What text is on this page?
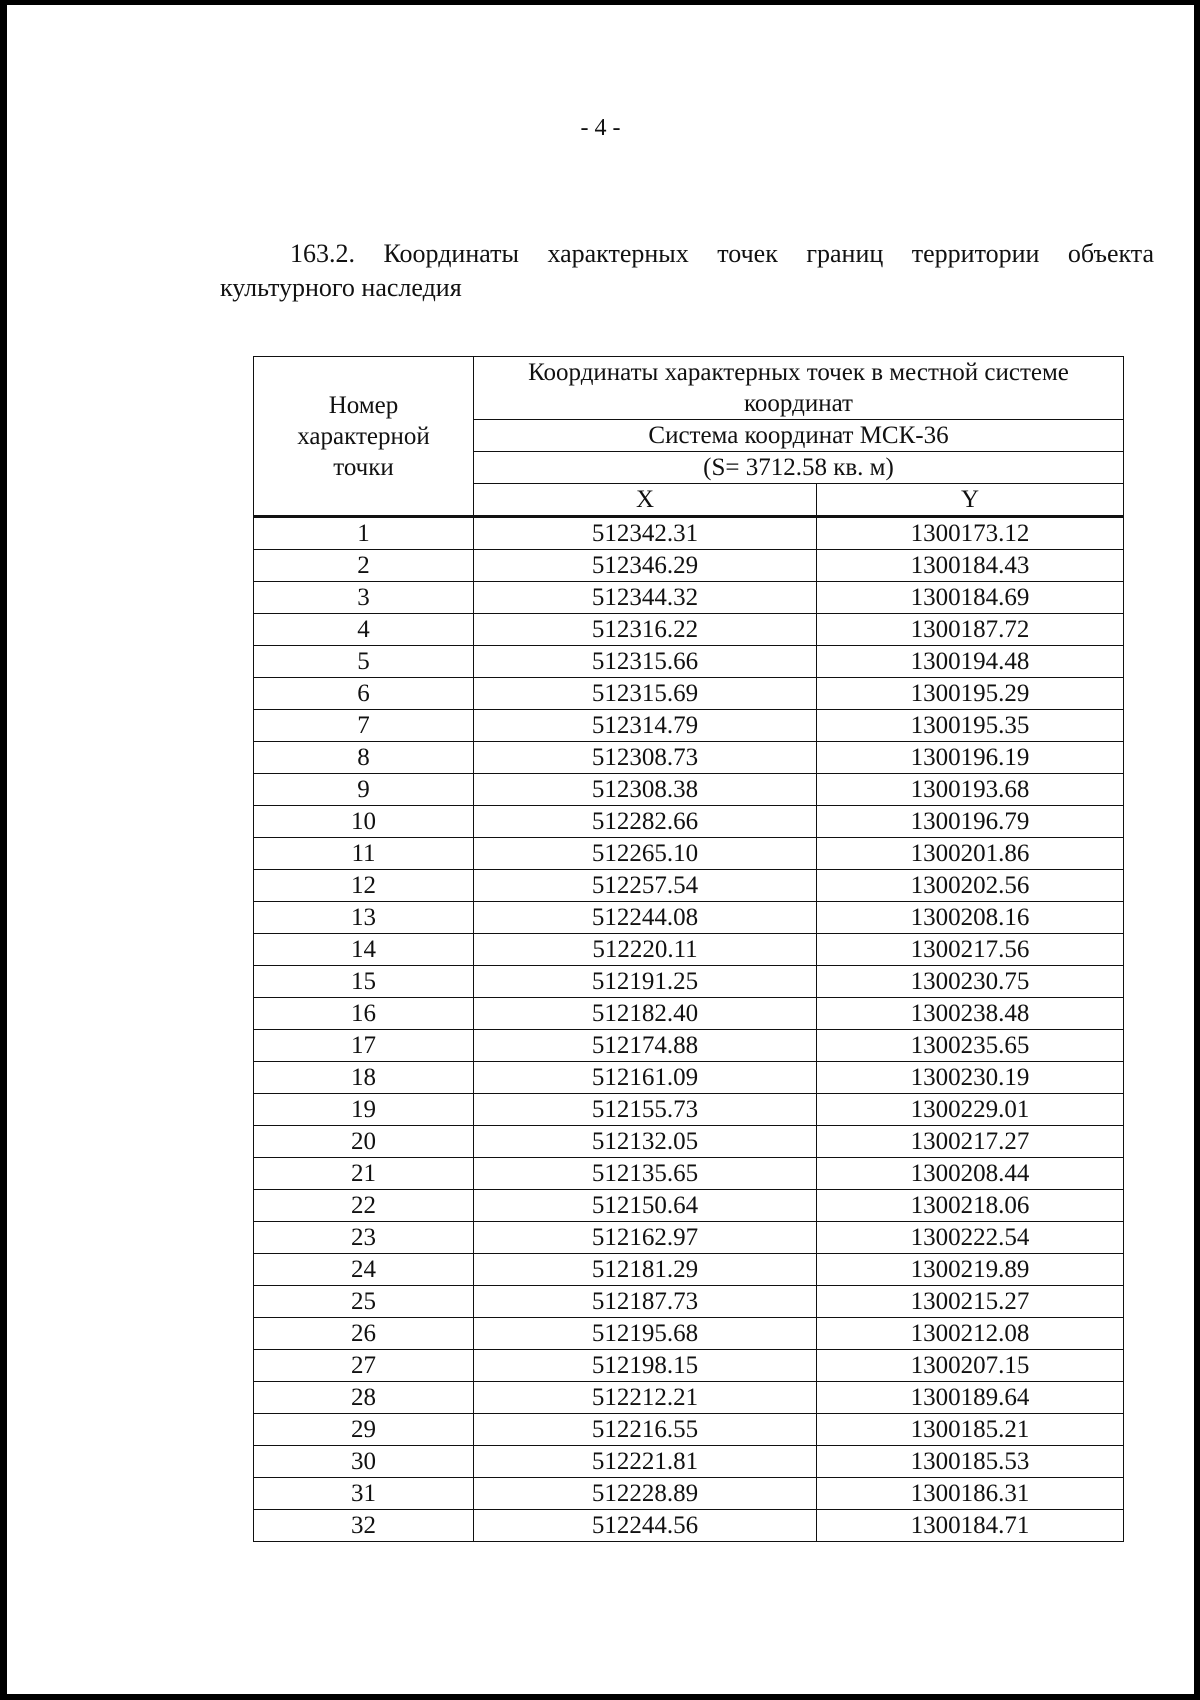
- 4 -
163.2. Координаты характерных точек границ территории объекта культурного наследия
Номер характерной точки	Координаты характерных точек в местной системе координат	
	Система координат МСК-36	
	(S= 3712.58 кв. м)	
	X	Y
1	512342.31	1300173.12
2	512346.29	1300184.43
3	512344.32	1300184.69
4	512316.22	1300187.72
5	512315.66	1300194.48
6	512315.69	1300195.29
7	512314.79	1300195.35
8	512308.73	1300196.19
9	512308.38	1300193.68
10	512282.66	1300196.79
11	512265.10	1300201.86
12	512257.54	1300202.56
13	512244.08	1300208.16
14	512220.11	1300217.56
15	512191.25	1300230.75
16	512182.40	1300238.48
17	512174.88	1300235.65
18	512161.09	1300230.19
19	512155.73	1300229.01
20	512132.05	1300217.27
21	512135.65	1300208.44
22	512150.64	1300218.06
23	512162.97	1300222.54
24	512181.29	1300219.89
25	512187.73	1300215.27
26	512195.68	1300212.08
27	512198.15	1300207.15
28	512212.21	1300189.64
29	512216.55	1300185.21
30	512221.81	1300185.53
31	512228.89	1300186.31
32	512244.56	1300184.71
